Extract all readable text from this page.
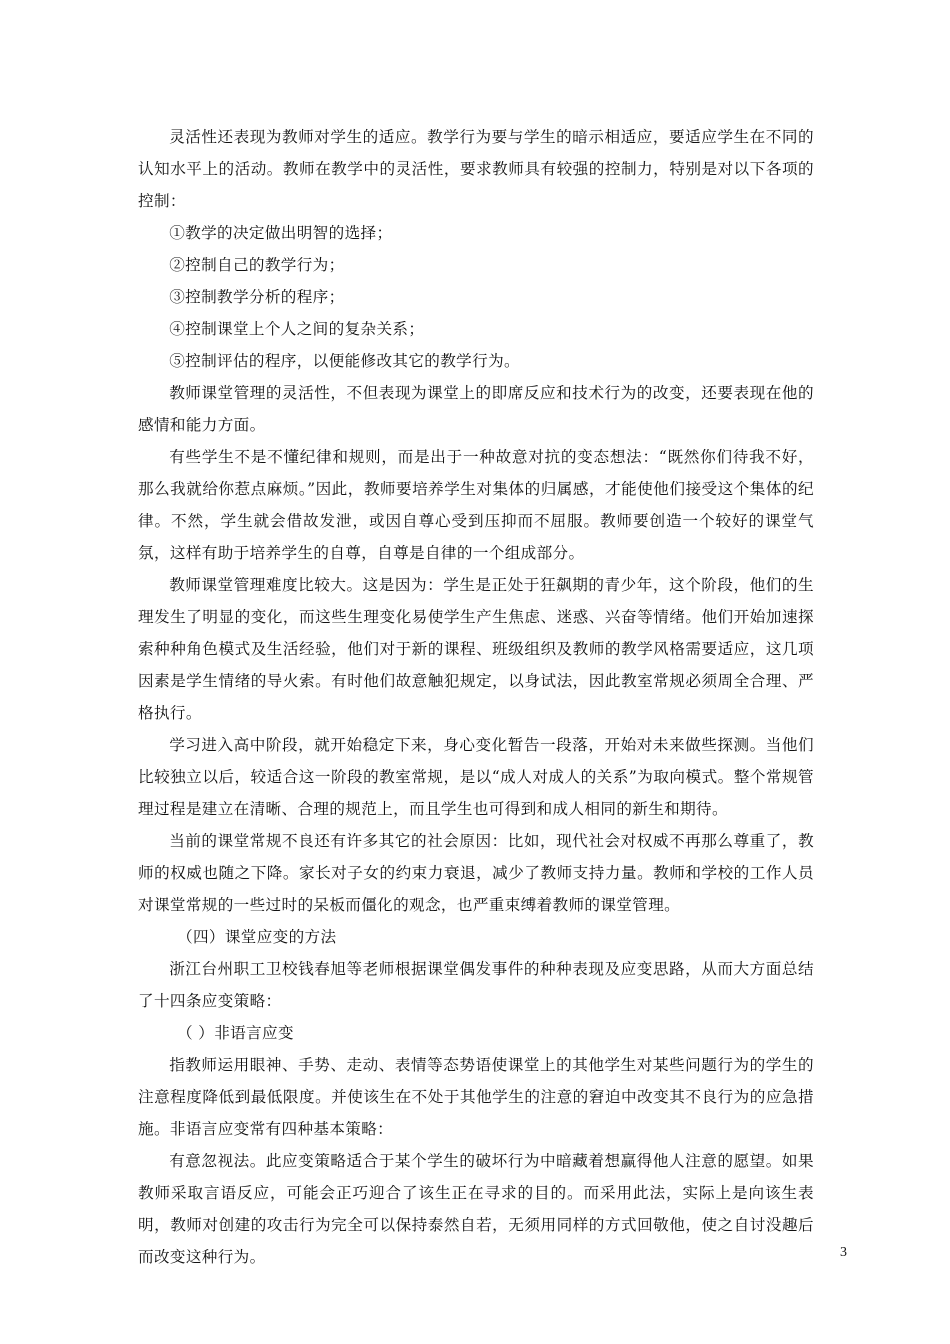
灵活性还表现为教师对学生的适应。教学行为要与学生的暗示相适应，要适应学生在不同的认知水平上的活动。教师在教学中的灵活性，要求教师具有较强的控制力，特别是对以下各项的控制：

①教学的决定做出明智的选择；

②控制自己的教学行为；

③控制教学分析的程序；

④控制课堂上个人之间的复杂关系；

⑤控制评估的程序，以便能修改其它的教学行为。

教师课堂管理的灵活性，不但表现为课堂上的即席反应和技术行为的改变，还要表现在他的感情和能力方面。

有些学生不是不懂纪律和规则，而是出于一种故意对抗的变态想法：“既然你们待我不好，那么我就给你惹点麻烦。”因此，教师要培养学生对集体的归属感，才能使他们接受这个集体的纪律。不然，学生就会借故发泄，或因自尊心受到压抑而不屈服。教师要创造一个较好的课堂气氛，这样有助于培养学生的自尊，自尊是自律的一个组成部分。

教师课堂管理难度比较大。这是因为：学生是正处于狂飙期的青少年，这个阶段，他们的生理发生了明显的变化，而这些生理变化易使学生产生焦虑、迷惑、兴奋等情绪。他们开始加速探索种种角色模式及生活经验，他们对于新的课程、班级组织及教师的教学风格需要适应，这几项因素是学生情绪的导火索。有时他们故意触犯规定，以身试法，因此教室常规必须周全合理、严格执行。

学习进入高中阶段，就开始稳定下来，身心变化暂告一段落，开始对未来做些探测。当他们比较独立以后，较适合这一阶段的教室常规，是以“成人对成人的关系”为取向模式。整个常规管理过程是建立在清晰、合理的规范上，而且学生也可得到和成人相同的新生和期待。

当前的课堂常规不良还有许多其它的社会原因：比如，现代社会对权威不再那么尊重了，教师的权威也随之下降。家长对子女的约束力衰退，减少了教师支持力量。教师和学校的工作人员对课堂常规的一些过时的呆板而僵化的观念，也严重束缚着教师的课堂管理。

（四）课堂应变的方法

浙江台州职工卫校钱春旭等老师根据课堂偶发事件的种种表现及应变思路，从而大方面总结了十四条应变策略：

（ ）非语言应变

指教师运用眼神、手势、走动、表情等态势语使课堂上的其他学生对某些问题行为的学生的注意程度降低到最低限度。并使该生在不处于其他学生的注意的窘迫中改变其不良行为的应急措施。非语言应变常有四种基本策略：

有意忽视法。此应变策略适合于某个学生的破坏行为中暗藏着想赢得他人注意的愿望。如果教师采取言语反应，可能会正巧迎合了该生正在寻求的目的。而采用此法，实际上是向该生表明，教师对创建的攻击行为完全可以保持泰然自若，无须用同样的方式回敬他，使之自讨没趣后而改变这种行为。	3
